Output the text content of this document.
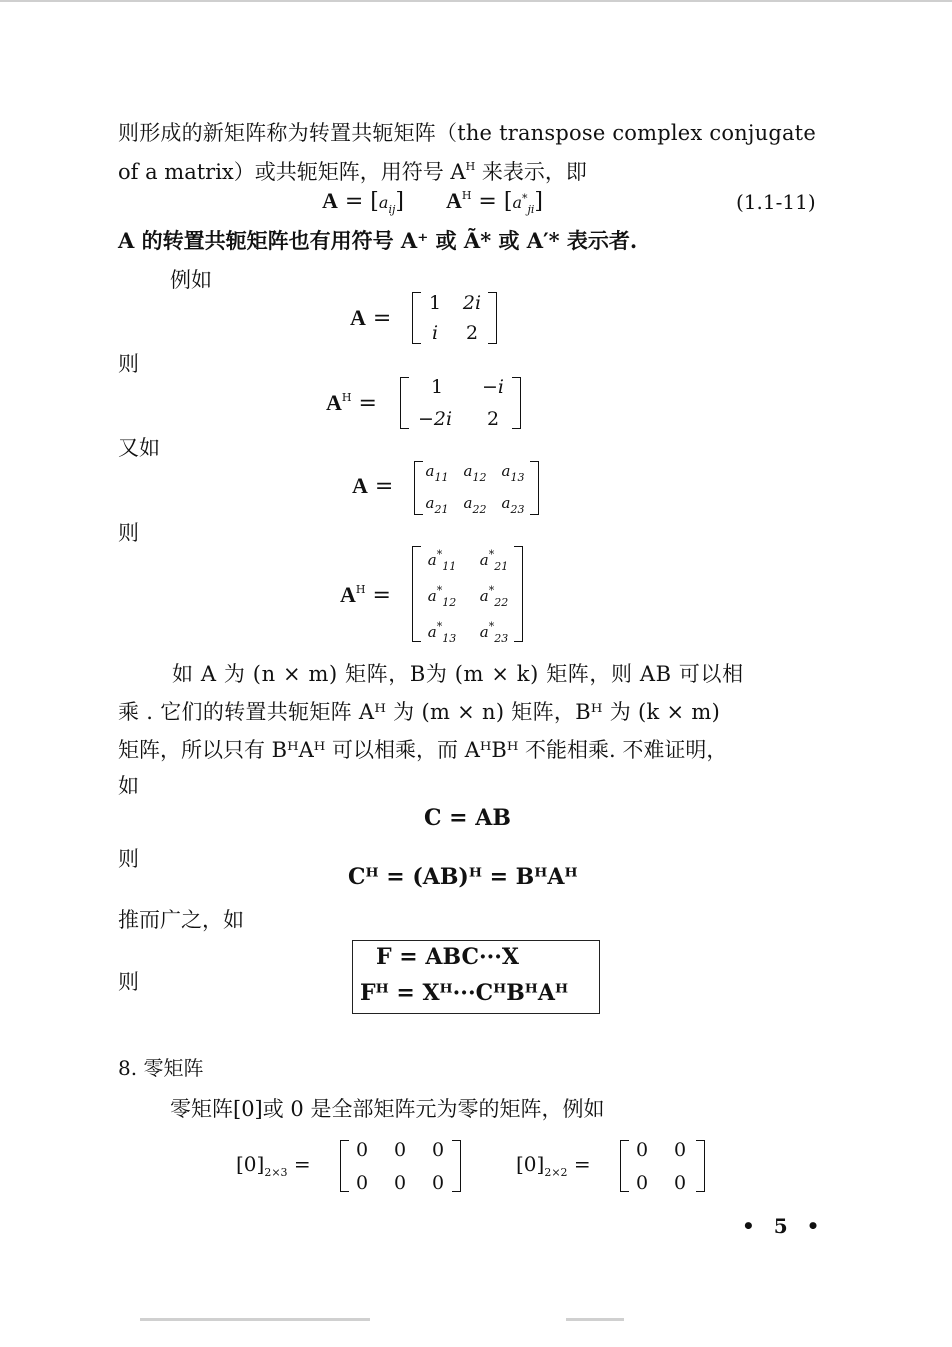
则形成的新矩阵称为转置共轭矩阵（the transpose complex conjugate
of a matrix）或共轭矩阵，用符号 $A^H$ 来表示，即
$A = [a_{ij}]$      $A^H = [a^*_{ji}]$	(1.1-11)
A 的转置共轭矩阵也有用符号 A⁺ 或 Ã* 或 A′* 表示者.
例如
A =
1 2i
i	2
则
$A^H$ =
1	−i
−2i	2
又如
A =
$a_{11}$ $a_{12}$ $a_{13}$
$a_{21}$ $a_{22}$ $a_{23}$
则
$A^H$ =
$a^*_{11}$ $a^*_{21}$
$a^*_{12}$ $a^*_{22}$
$a^*_{13}$ $a^*_{23}$
如 A 为 (n × m) 矩阵，B为 (m × k) 矩阵，则 AB 可以相
乘 . 它们的转置共轭矩阵 Aᴴ 为 (m × n) 矩阵，Bᴴ 为 (k × m)
矩阵，所以只有 BᴴAᴴ 可以相乘，而 AᴴBᴴ 不能相乘. 不难证明，
如
C = AB
则
Cᴴ = (AB)ᴴ = BᴴAᴴ
推而广之，如
则
F = ABC···X
Fᴴ = Xᴴ···CᴴBᴴAᴴ
8. 零矩阵
零矩阵[0]或 0 是全部矩阵元为零的矩阵，例如
$[0]_{2\times 3}$ =
0 0 0
0 0 0
$[0]_{2\times 2}$ =
0 0
0 0
• 5 •
